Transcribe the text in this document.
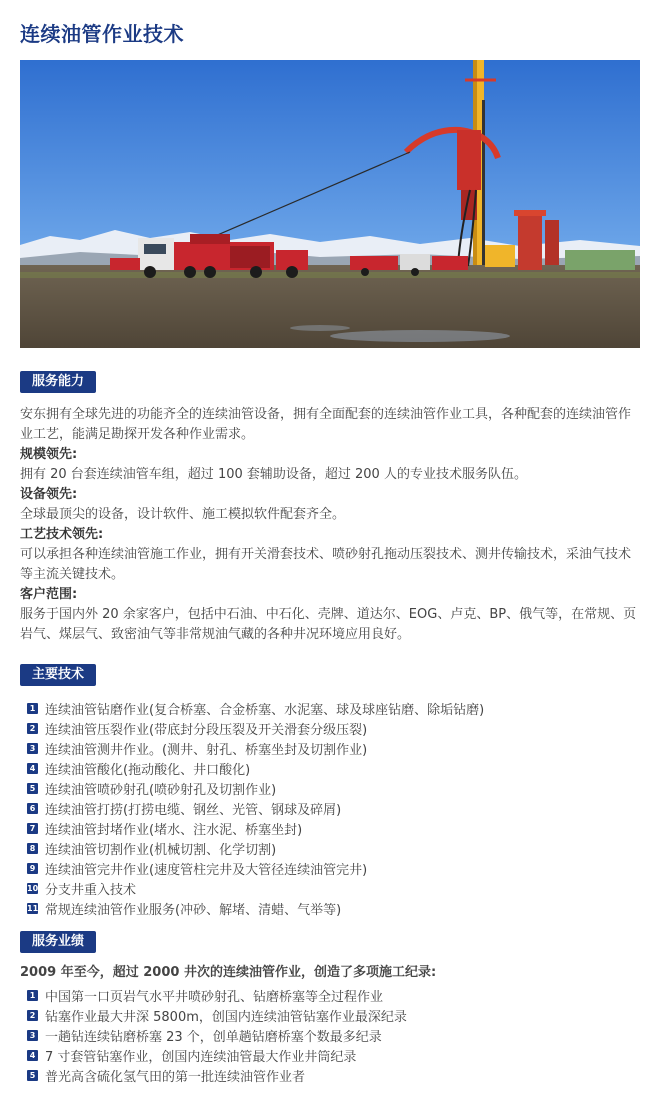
连续油管作业技术
服务能力

安东拥有全球先进的功能齐全的连续油管设备，拥有全面配套的连续油管作业工具，各种配套的连续油管作业工艺，能满足勘探开发各种作业需求。

规模领先:

拥有 20 台套连续油管车组，超过 100 套辅助设备，超过 200 人的专业技术服务队伍。

设备领先:

全球最顶尖的设备，设计软件、施工模拟软件配套齐全。

工艺技术领先:

可以承担各种连续油管施工作业，拥有开关滑套技术、喷砂射孔拖动压裂技术、测井传输技术，采油气技术等主流关键技术。

客户范围:

服务于国内外 20 余家客户，包括中石油、中石化、壳牌、道达尔、EOG、卢克、BP、俄气等，在常规、页岩气、煤层气、致密油气等非常规油气藏的各种井况环境应用良好。

主要技术
1 连续油管钻磨作业(复合桥塞、合金桥塞、水泥塞、球及球座钻磨、除垢钻磨)
2 连续油管压裂作业(带底封分段压裂及开关滑套分级压裂)
3 连续油管测井作业。(测井、射孔、桥塞坐封及切割作业)
4 连续油管酸化(拖动酸化、井口酸化)
5 连续油管喷砂射孔(喷砂射孔及切割作业)
6 连续油管打捞(打捞电缆、钢丝、光管、钢球及碎屑)
7 连续油管封堵作业(堵水、注水泥、桥塞坐封)
8 连续油管切割作业(机械切割、化学切割)
9 连续油管完井作业(速度管柱完井及大管径连续油管完井)
10 分支井重入技术
11 常规连续油管作业服务(冲砂、解堵、清蜡、气举等)
服务业绩

2009 年至今，超过 2000 井次的连续油管作业，创造了多项施工纪录:

1 中国第一口页岩气水平井喷砂射孔、钻磨桥塞等全过程作业
2 钻塞作业最大井深 5800m，创国内连续油管钻塞作业最深纪录
3 一趟钻连续钻磨桥塞 23 个，创单趟钻磨桥塞个数最多纪录
4 7 寸套管钻塞作业，创国内连续油管最大作业井筒纪录
5 普光高含硫化氢气田的第一批连续油管作业者
